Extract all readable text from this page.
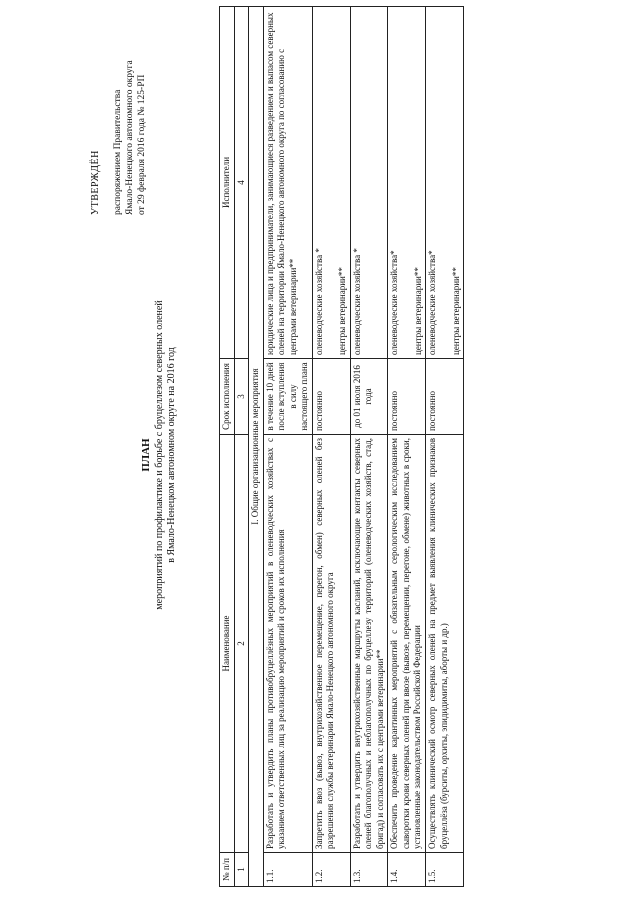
УТВЕРЖДЁН распоряжением Правительства Ямало-Ненецкого автономного округа от 29 февраля 2016 года № 125-РП
ПЛАН мероприятий по профилактике и борьбе с бруцеллезом северных оленей в Ямало-Ненецком автономном округе на 2016 год
№ п/п	Наименование	Срок исполнения	Исполнители
1	2	3	4
I. Общие организационные мероприятия			
1.1.	Разработать и утвердить планы противобруцеллёзных мероприятий в оленеводческих хозяйствах с указанием ответственных лиц за реализацию мероприятий и сроков их исполнения	в течение 10 дней после вступления в силу настоящего плана	юридические лица и предприниматели, занимающиеся разведением и выпасом северных оленей на территории Ямало-Ненецкого автономного округа по согласованию с центрами ветеринарии**

1.2.	Запретить ввоз (вывоз, внутрихозяйственное перемещение, перегон, обмен) северных оленей без разрешения службы ветеринарии Ямало-Ненецкого автономного округа	постоянно	оленеводческие хозяйства * центры ветеринарии**

1.3.	Разработать и утвердить внутрихозяйственные маршруты касланий, исключающие контакты северных оленей благополучных и неблагополучных по бруцеллезу территорий (оленеводческих хозяйств, стад, бригад) и согласовать их с центрами ветеринарии**	до 01 июля 2016 года	оленеводческие хозяйства *

1.4.	Обеспечить проведение карантинных мероприятий с обязательным серологическим исследованием сыворотки крови северных оленей при ввозе (вывозе, перемещении, перегоне, обмене) животных в сроки, установленные законодательством Российской Федерации	постоянно	оленеводческие хозяйства* центры ветеринарии**

1.5.	Осуществлять клинический осмотр северных оленей на предмет выявления клинических признаков бруцеллёза (бурситы, орхиты, эпидидимиты, аборты и др.)	постоянно	оленеводческие хозяйства* центры ветеринарии**
